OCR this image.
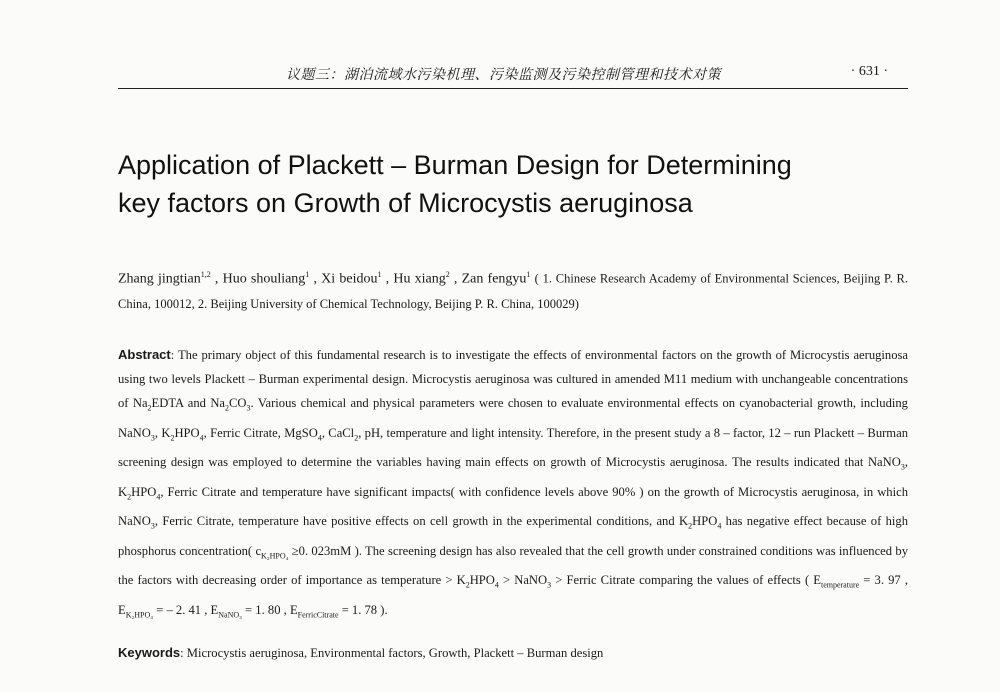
议题三：湖泊流域水污染机理、污染监测及污染控制管理和技术对策	· 631 ·
Application of Plackett – Burman Design for Determining
key factors on Growth of Microcystis aeruginosa
Zhang jingtian$^{1,2}$ , Huo shouliang$^1$ , Xi beidou$^1$ , Hu xiang$^2$ , Zan fengyu$^1$ ( 1. Chinese Research Academy of Environmental Sciences, Beijing P. R. China, 100012, 2. Beijing University of Chemical Technology, Beijing P. R. China, 100029)

Abstract: The primary object of this fundamental research is to investigate the effects of environmental factors on the growth of Microcystis aeruginosa using two levels Plackett – Burman experimental design. Microcystis aeruginosa was cultured in amended M11 medium with unchangeable concentrations of $Na_2EDTA$ and $Na_2CO_3$. Various chemical and physical parameters were chosen to evaluate environmental effects on cyanobacterial growth, including NaNO$_3$, $K_2HPO_4$, Ferric Citrate, MgSO$_4$, CaCl$_2$, pH, temperature and light intensity. Therefore, in the present study a 8 – factor, 12 – run Plackett – Burman screening design was employed to determine the variables having main effects on growth of Microcystis aeruginosa. The results indicated that NaNO$_3$, $K_2HPO_4$, Ferric Citrate and temperature have significant impacts( with confidence levels above 90% ) on the growth of Microcystis aeruginosa, in which NaNO$_3$, Ferric Citrate, temperature have positive effects on cell growth in the experimental conditions, and $K_2HPO_4$ has negative effect because of high phosphorus concentration( $c_{K_2HPO_4} \ge 0$. 023mM ). The screening design has also revealed that the cell growth under constrained conditions was influenced by the factors with decreasing order of importance as temperature > $K_2HPO_4$ > NaNO$_3$ > Ferric Citrate comparing the values of effects ( $E_{temperature} = 3$. 97 , $E_{K_2HPO_4}$ = – 2. 41 , $E_{NaNO_3} = 1$. 80 , $E_{FerricCitrate} = 1$. 78 ).

Keywords: Microcystis aeruginosa, Environmental factors, Growth, Plackett – Burman design
